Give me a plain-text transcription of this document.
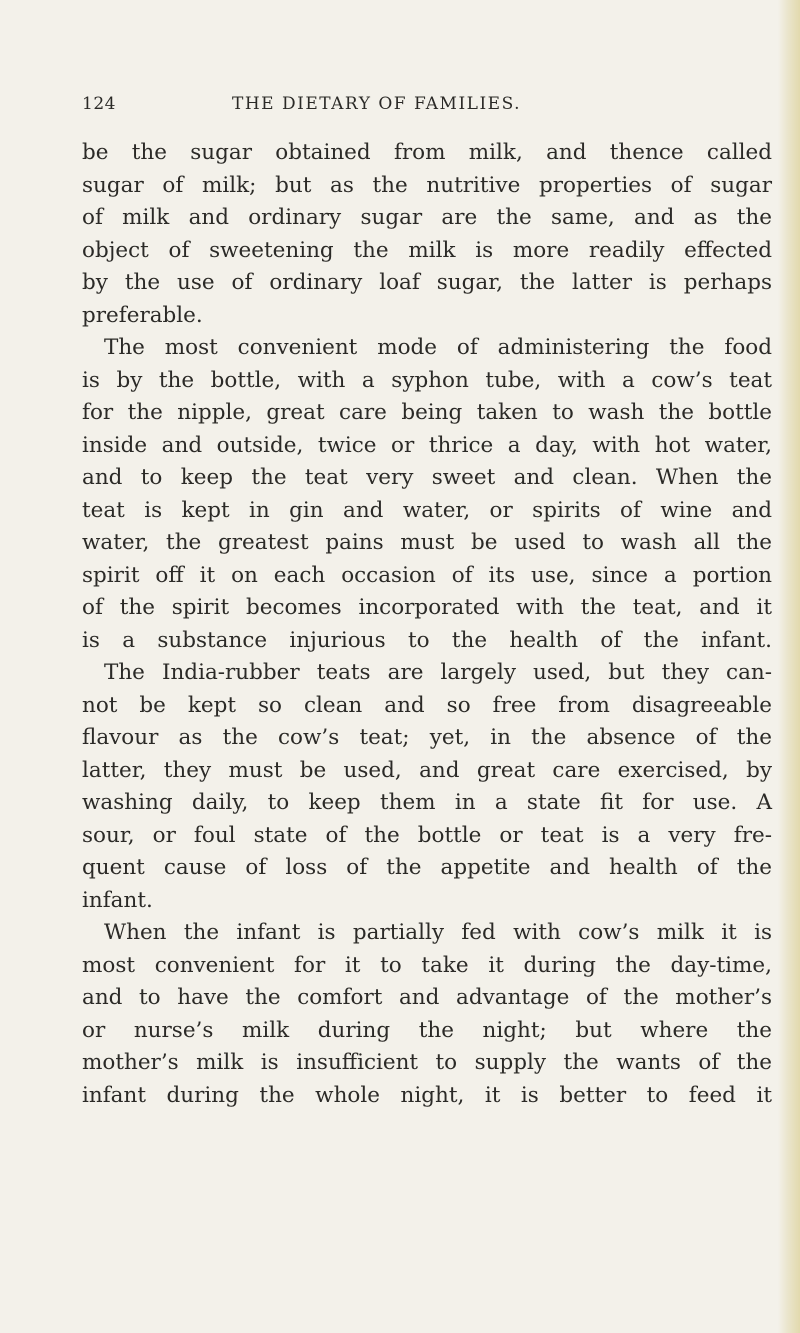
124	THE DIETARY OF FAMILIES.
be the sugar obtained from milk, and thence called
sugar of milk; but as the nutritive properties of sugar
of milk and ordinary sugar are the same, and as the
object of sweetening the milk is more readily effected
by the use of ordinary loaf sugar, the latter is perhaps
preferable.
The most convenient mode of administering the food
is by the bottle, with a syphon tube, with a cow’s teat
for the nipple, great care being taken to wash the bottle
inside and outside, twice or thrice a day, with hot water,
and to keep the teat very sweet and clean. When the
teat is kept in gin and water, or spirits of wine and
water, the greatest pains must be used to wash all the
spirit off it on each occasion of its use, since a portion
of the spirit becomes incorporated with the teat, and it
is a substance injurious to the health of the infant.
The India-rubber teats are largely used, but they can-
not be kept so clean and so free from disagreeable
flavour as the cow’s teat; yet, in the absence of the
latter, they must be used, and great care exercised, by
washing daily, to keep them in a state fit for use. A
sour, or foul state of the bottle or teat is a very fre-
quent cause of loss of the appetite and health of the
infant.
When the infant is partially fed with cow’s milk it is
most convenient for it to take it during the day-time,
and to have the comfort and advantage of the mother’s
or nurse’s milk during the night; but where the
mother’s milk is insufficient to supply the wants of the
infant during the whole night, it is better to feed it
